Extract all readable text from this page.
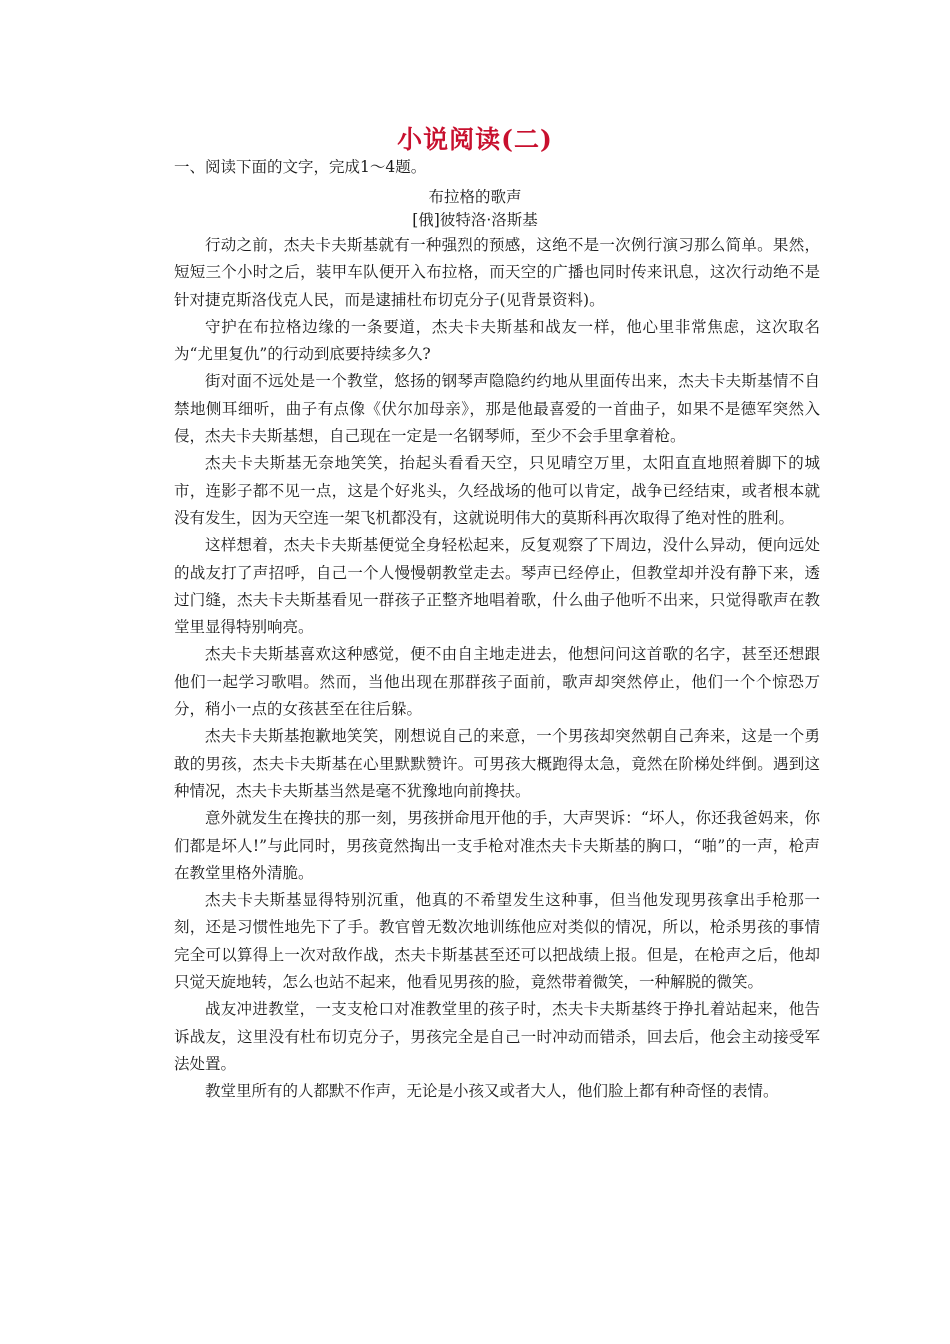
小说阅读(二)
一、阅读下面的文字，完成1～4题。
布拉格的歌声
[俄]彼特洛·洛斯基

行动之前，杰夫卡夫斯基就有一种强烈的预感，这绝不是一次例行演习那么简单。果然，短短三个小时之后，装甲车队便开入布拉格，而天空的广播也同时传来讯息，这次行动绝不是针对捷克斯洛伐克人民，而是逮捕杜布切克分子(见背景资料)。

守护在布拉格边缘的一条要道，杰夫卡夫斯基和战友一样，他心里非常焦虑，这次取名为“尤里复仇”的行动到底要持续多久?

街对面不远处是一个教堂，悠扬的钢琴声隐隐约约地从里面传出来，杰夫卡夫斯基情不自禁地侧耳细听，曲子有点像《伏尔加母亲》，那是他最喜爱的一首曲子，如果不是德军突然入侵，杰夫卡夫斯基想，自己现在一定是一名钢琴师，至少不会手里拿着枪。

杰夫卡夫斯基无奈地笑笑，抬起头看看天空，只见晴空万里，太阳直直地照着脚下的城市，连影子都不见一点，这是个好兆头，久经战场的他可以肯定，战争已经结束，或者根本就没有发生，因为天空连一架飞机都没有，这就说明伟大的莫斯科再次取得了绝对性的胜利。

这样想着，杰夫卡夫斯基便觉全身轻松起来，反复观察了下周边，没什么异动，便向远处的战友打了声招呼，自己一个人慢慢朝教堂走去。琴声已经停止，但教堂却并没有静下来，透过门缝，杰夫卡夫斯基看见一群孩子正整齐地唱着歌，什么曲子他听不出来，只觉得歌声在教堂里显得特别响亮。

杰夫卡夫斯基喜欢这种感觉，便不由自主地走进去，他想问问这首歌的名字，甚至还想跟他们一起学习歌唱。然而，当他出现在那群孩子面前，歌声却突然停止，他们一个个惊恐万分，稍小一点的女孩甚至在往后躲。

杰夫卡夫斯基抱歉地笑笑，刚想说自己的来意，一个男孩却突然朝自己奔来，这是一个勇敢的男孩，杰夫卡夫斯基在心里默默赞许。可男孩大概跑得太急，竟然在阶梯处绊倒。遇到这种情况，杰夫卡夫斯基当然是毫不犹豫地向前搀扶。

意外就发生在搀扶的那一刻，男孩拼命甩开他的手，大声哭诉：“坏人，你还我爸妈来，你们都是坏人!”与此同时，男孩竟然掏出一支手枪对准杰夫卡夫斯基的胸口，“啪”的一声，枪声在教堂里格外清脆。

杰夫卡夫斯基显得特别沉重，他真的不希望发生这种事，但当他发现男孩拿出手枪那一刻，还是习惯性地先下了手。教官曾无数次地训练他应对类似的情况，所以，枪杀男孩的事情完全可以算得上一次对敌作战，杰夫卡斯基甚至还可以把战绩上报。但是，在枪声之后，他却只觉天旋地转，怎么也站不起来，他看见男孩的脸，竟然带着微笑，一种解脱的微笑。

战友冲进教堂，一支支枪口对准教堂里的孩子时，杰夫卡夫斯基终于挣扎着站起来，他告诉战友，这里没有杜布切克分子，男孩完全是自己一时冲动而错杀，回去后，他会主动接受军法处置。

教堂里所有的人都默不作声，无论是小孩又或者大人，他们脸上都有种奇怪的表情。
